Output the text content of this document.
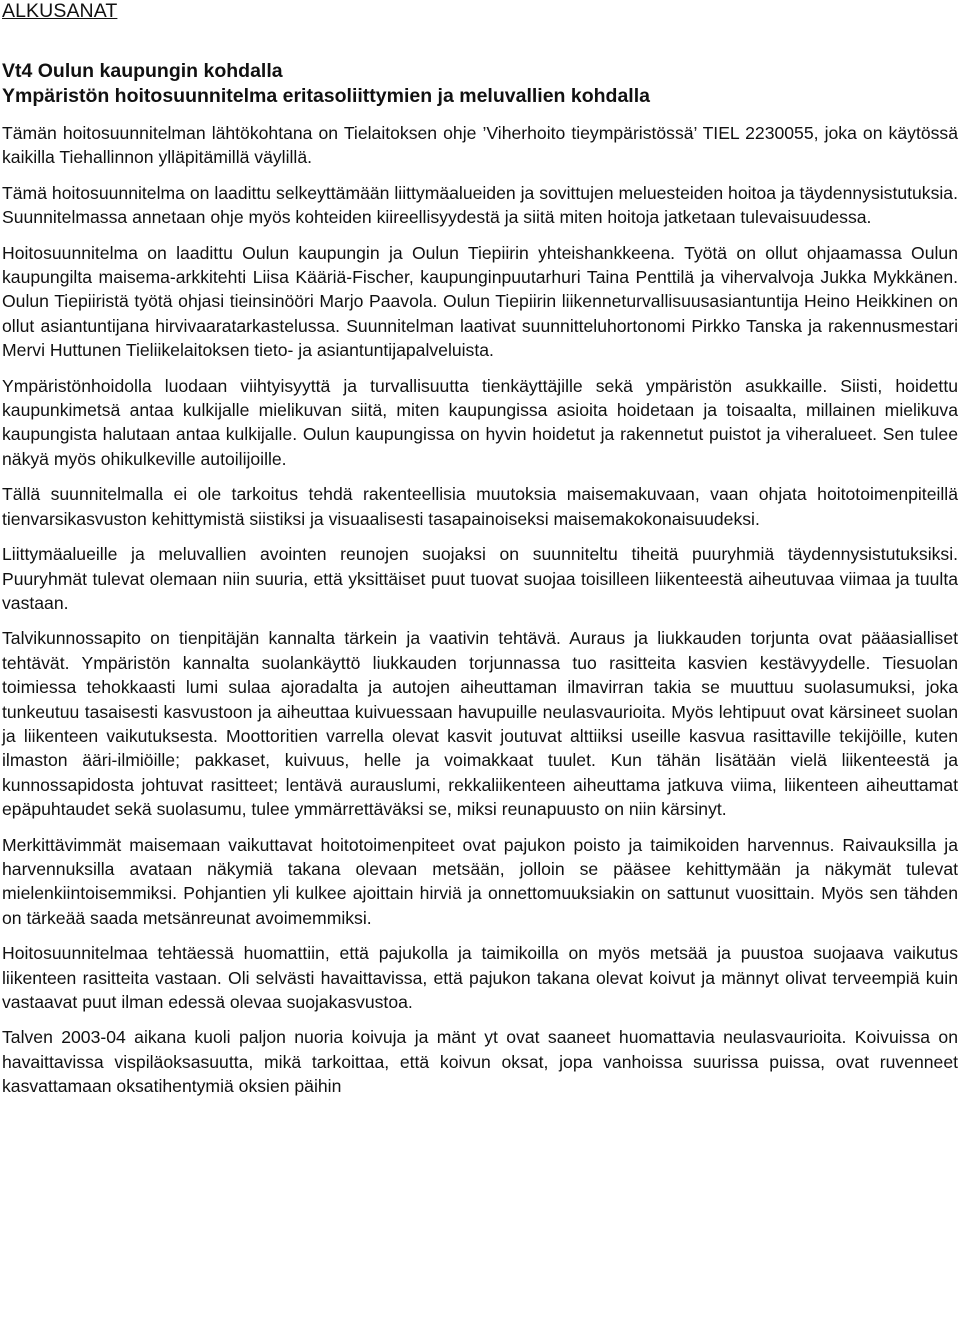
ALKUSANAT
Vt4 Oulun kaupungin kohdalla
Ympäristön hoitosuunnitelma eritasoliittymien ja meluvallien kohdalla

Tämän hoitosuunnitelman lähtökohtana on Tielaitoksen ohje ’Viherhoito tieympäristössä’ TIEL 2230055, joka on käytössä kaikilla Tiehallinnon ylläpitämillä väylillä.

Tämä hoitosuunnitelma on laadittu selkeyttämään liittymäalueiden ja sovittujen meluesteiden hoitoa ja täydennysistutuksia. Suunnitelmassa annetaan ohje myös kohteiden kiireellisyydestä ja siitä miten hoitoja jatketaan tulevaisuudessa.

Hoitosuunnitelma on laadittu Oulun kaupungin ja Oulun Tiepiirin yhteishankkeena. Työtä on ollut ohjaamassa Oulun kaupungilta maisema-arkkitehti Liisa Kääriä-Fischer, kaupunginpuutarhuri Taina Penttilä ja vihervalvoja Jukka Mykkänen. Oulun Tiepiiristä työtä ohjasi tieinsinööri Marjo Paavola. Oulun Tiepiirin liikenneturvallisuusasiantuntija Heino Heikkinen on ollut asiantuntijana hirvivaaratarkastelussa. Suunnitelman laativat suunnitteluhortonomi Pirkko Tanska ja rakennusmestari Mervi Huttunen Tieliikelaitoksen tieto- ja asiantuntijapalveluista.

Ympäristönhoidolla luodaan viihtyisyyttä ja turvallisuutta tienkäyttäjille sekä ympäristön asukkaille. Siisti, hoidettu kaupunkimetsä antaa kulkijalle mielikuvan siitä, miten kaupungissa asioita hoidetaan ja toisaalta, millainen mielikuva kaupungista halutaan antaa kulkijalle. Oulun kaupungissa on hyvin hoidetut ja rakennetut puistot ja viheralueet. Sen tulee näkyä myös ohikulkeville autoilijoille.

Tällä suunnitelmalla ei ole tarkoitus tehdä rakenteellisia muutoksia maisemakuvaan, vaan ohjata hoitotoimenpiteillä tienvarsikasvuston kehittymistä siistiksi ja visuaalisesti tasapainoiseksi maisemakokonaisuudeksi.

Liittymäalueille ja meluvallien avointen reunojen suojaksi on suunniteltu tiheitä puuryhmiä täydennysistutuksiksi. Puuryhmät tulevat olemaan niin suuria, että yksittäiset puut tuovat suojaa toisilleen liikenteestä aiheutuvaa viimaa ja tuulta vastaan.

Talvikunnossapito on tienpitäjän kannalta tärkein ja vaativin tehtävä. Auraus ja liukkauden torjunta ovat pääasialliset tehtävät. Ympäristön kannalta suolankäyttö liukkauden torjunnassa tuo rasitteita kasvien kestävyydelle. Tiesuolan toimiessa tehokkaasti lumi sulaa ajoradalta ja autojen aiheuttaman ilmavirran takia se muuttuu suolasumuksi, joka tunkeutuu tasaisesti kasvustoon ja aiheuttaa kuivuessaan havupuille neulasvaurioita. Myös lehtipuut ovat kärsineet suolan ja liikenteen vaikutuksesta. Moottoritien varrella olevat kasvit joutuvat alttiiksi useille kasvua rasittaville tekijöille, kuten ilmaston ääri-ilmiöille; pakkaset, kuivuus, helle ja voimakkaat tuulet. Kun tähän lisätään vielä liikenteestä ja kunnossapidosta johtuvat rasitteet; lentävä aurauslumi, rekkaliikenteen aiheuttama jatkuva viima, liikenteen aiheuttamat epäpuhtaudet sekä suolasumu, tulee ymmärrettäväksi se, miksi reunapuusto on niin kärsinyt.

Merkittävimmät maisemaan vaikuttavat hoitotoimenpiteet ovat pajukon poisto ja taimikoiden harvennus. Raivauksilla ja harvennuksilla avataan näkymiä takana olevaan metsään, jolloin se pääsee kehittymään ja näkymät tulevat mielenkiintoisemmiksi. Pohjantien yli kulkee ajoittain hirviä ja onnettomuuksiakin on sattunut vuosittain. Myös sen tähden on tärkeää saada metsänreunat avoimemmiksi.

Hoitosuunnitelmaa tehtäessä huomattiin, että pajukolla ja taimikoilla on myös metsää ja puustoa suojaava vaikutus liikenteen rasitteita vastaan. Oli selvästi havaittavissa, että pajukon takana olevat koivut ja männyt olivat terveempiä kuin vastaavat puut ilman edessä olevaa suojakasvustoa.

Talven 2003-04 aikana kuoli paljon nuoria koivuja ja mänt yt ovat saaneet huomattavia neulasvaurioita. Koivuissa on havaittavissa vispiläoksasuutta, mikä tarkoittaa, että koivun oksat, jopa vanhoissa suurissa puissa, ovat ruvenneet kasvattamaan oksatihentymiä oksien päihin
